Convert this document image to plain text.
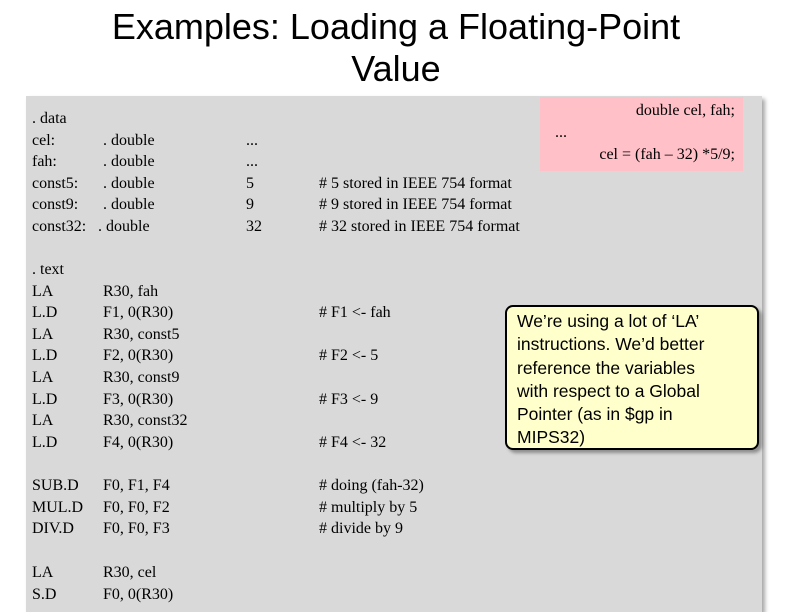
Examples: Loading a Floating-Point
Value
double cel, fah;
...
cel = (fah – 32) *5/9;
. data
cel:	. double	...
fah:	. double	...
const5: . double	5	# 5 stored in IEEE 754 format
const9: . double	9	# 9 stored in IEEE 754 format
const32: . double	32	# 32 stored in IEEE 754 format
. text
LA	R30, fah
L.D	F1, 0(R30)	# F1 <- fah
LA	R30, const5
L.D	F2, 0(R30)	# F2 <- 5
LA	R30, const9
L.D	F3, 0(R30)	# F3 <- 9
LA	R30, const32
L.D	F4, 0(R30)	# F4 <- 32
SUB.D F0, F1, F4	# doing (fah-32)
MUL.D F0, F0, F2	# multiply by 5
DIV.D F0, F0, F3	# divide by 9
LA	R30, cel
S.D	F0, 0(R30)
We’re using a lot of ‘LA’
instructions. We’d better
reference the variables
with respect to a Global
Pointer (as in $gp in
MIPS32)
